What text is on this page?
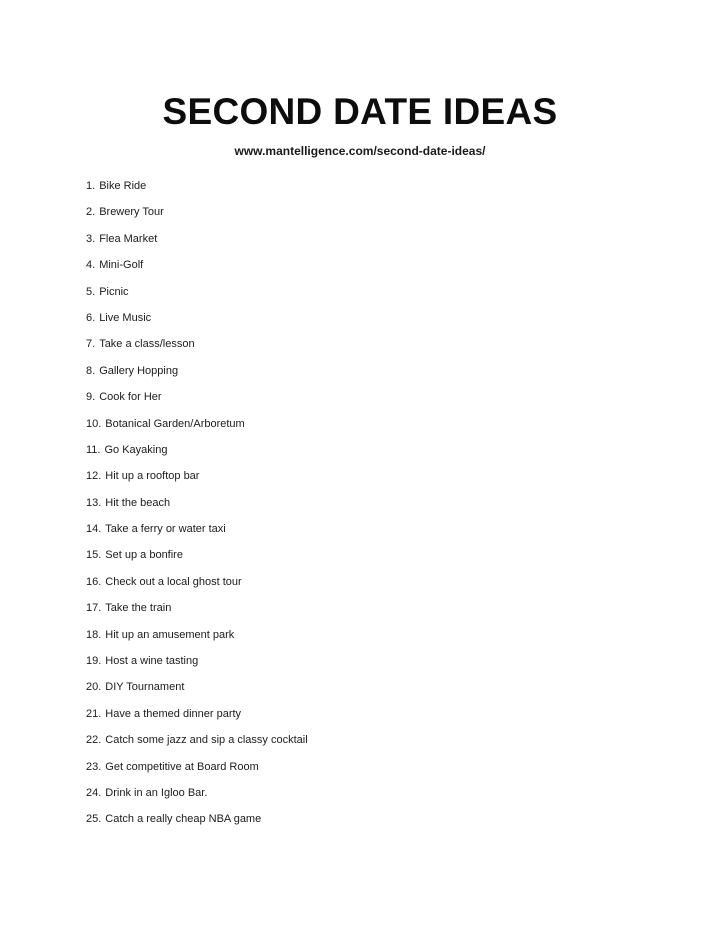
SECOND DATE IDEAS
www.mantelligence.com/second-date-ideas/
1. Bike Ride
2. Brewery Tour
3. Flea Market
4. Mini-Golf
5. Picnic
6. Live Music
7. Take a class/lesson
8. Gallery Hopping
9. Cook for Her
10. Botanical Garden/Arboretum
11. Go Kayaking
12. Hit up a rooftop bar
13. Hit the beach
14. Take a ferry or water taxi
15. Set up a bonfire
16. Check out a local ghost tour
17. Take the train
18. Hit up an amusement park
19. Host a wine tasting
20. DIY Tournament
21. Have a themed dinner party
22. Catch some jazz and sip a classy cocktail
23. Get competitive at Board Room
24. Drink in an Igloo Bar.
25. Catch a really cheap NBA game
